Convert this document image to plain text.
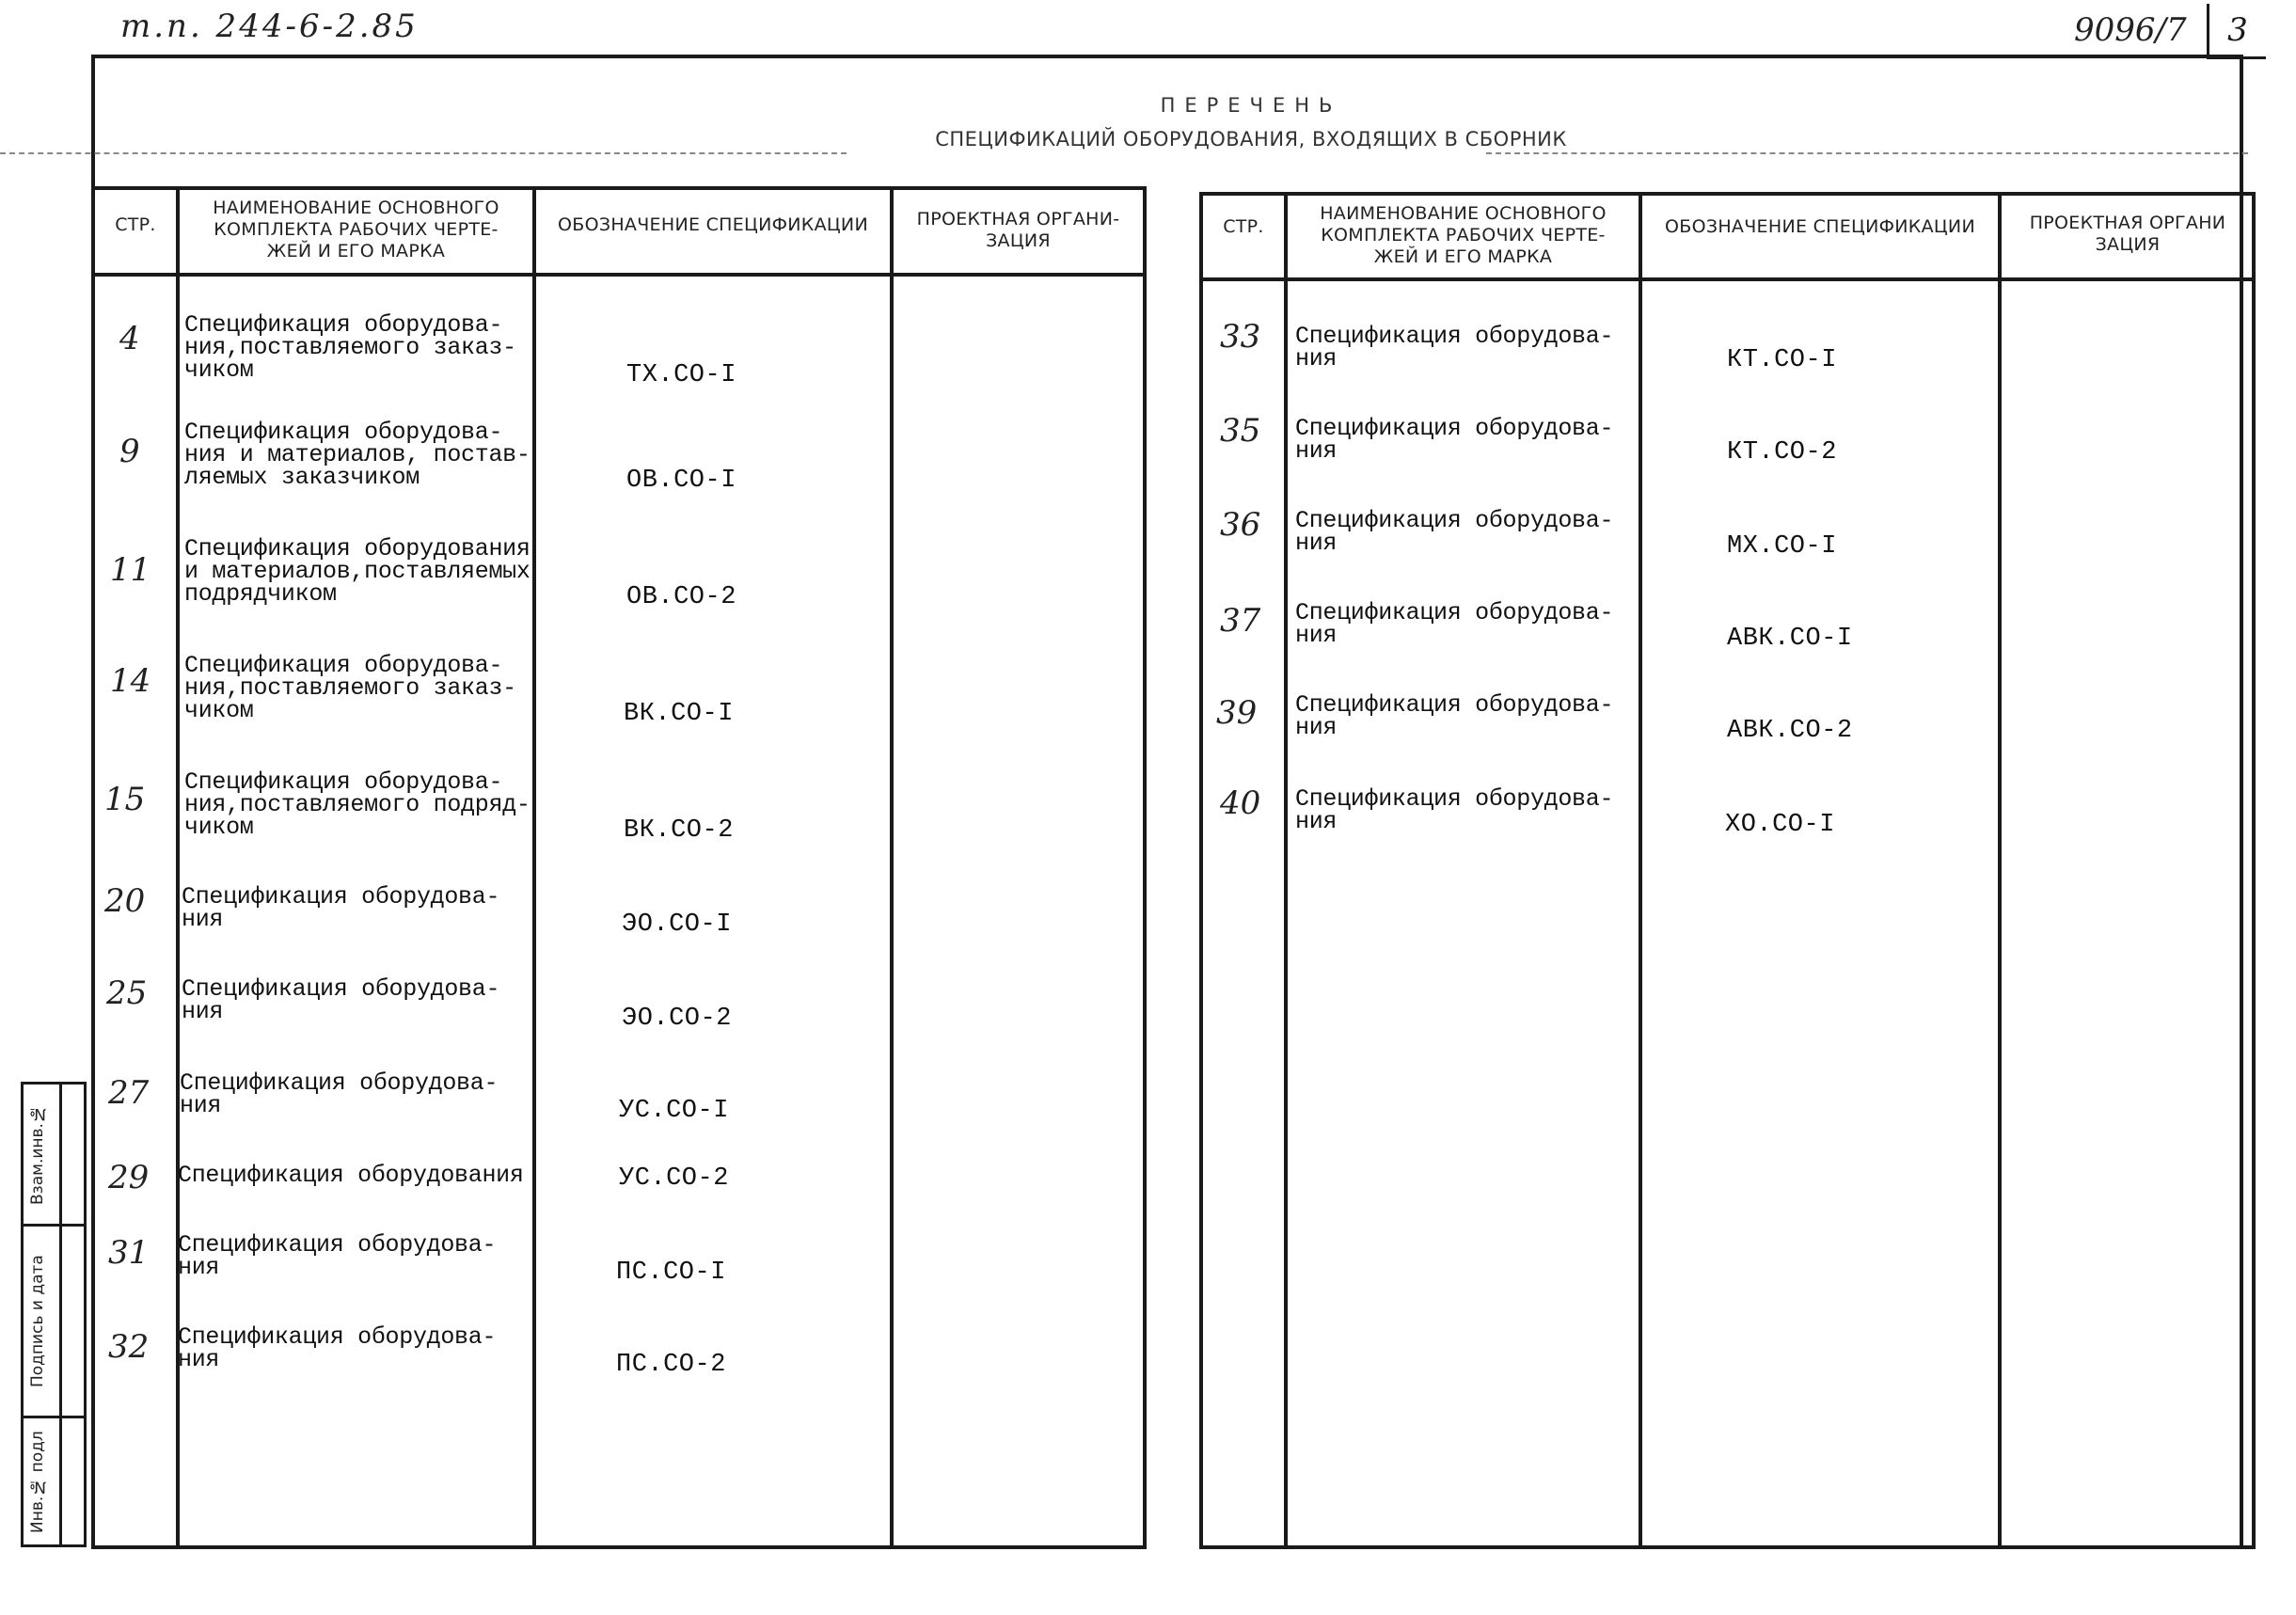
т.п. 244-6-2.85	9096/7	3
ПЕРЕЧЕНЬ
СПЕЦИФИКАЦИЙ ОБОРУДОВАНИЯ, ВХОДЯЩИХ В СБОРНИК
СТР.
НАИМЕНОВАНИЕ ОСНОВНОГО
КОМПЛЕКТА РАБОЧИХ ЧЕРТЕ-
ЖЕЙ И ЕГО МАРКА
ОБОЗНАЧЕНИЕ СПЕЦИФИКАЦИИ	ПРОЕКТНАЯ ОРГАНИ-
ЗАЦИЯ
4 Спецификация оборудова-
ния,поставляемого заказ-
чиком	ТХ.СО-I
9
Спецификация оборудова-
ния и материалов, постав-
ляемых заказчиком	ОВ.СО-I
11
Спецификация оборудования
и материалов,поставляемых
подрядчиком	ОВ.СО-2
14 Спецификация оборудова-
ния,поставляемого заказ-
чиком	ВК.СО-I
15 Спецификация оборудова-
ния,поставляемого подряд-
чиком	ВК.СО-2
20 Спецификация оборудова-
ния	ЭО.СО-I
25 Спецификация оборудова-
ния	ЭО.СО-2
27 Спецификация оборудова-
ния	УС.СО-I
29 Спецификация оборудования	УС.СО-2
31 Спецификация оборудова-
ния	ПС.СО-I
32 Спецификация оборудова-
ния	ПС.СО-2
СТР.
НАИМЕНОВАНИЕ ОСНОВНОГО
КОМПЛЕКТА РАБОЧИХ ЧЕРТЕ-
ЖЕЙ И ЕГО МАРКА
ОБОЗНАЧЕНИЕ СПЕЦИФИКАЦИИ	ПРОЕКТНАЯ ОРГАНИ
ЗАЦИЯ
33 Спецификация оборудова-
ния	КТ.СО-I
35 Спецификация оборудова-
ния	КТ.СО-2
36 Спецификация оборудова-
ния	МХ.СО-I
37 Спецификация оборудова-
ния	АВК.СО-I
39 Спецификация оборудова-
ния	АВК.СО-2
40 Спецификация оборудова-
ния	ХО.СО-I
Взам.инв.№
Подпись и дата
Инв.№ подл
